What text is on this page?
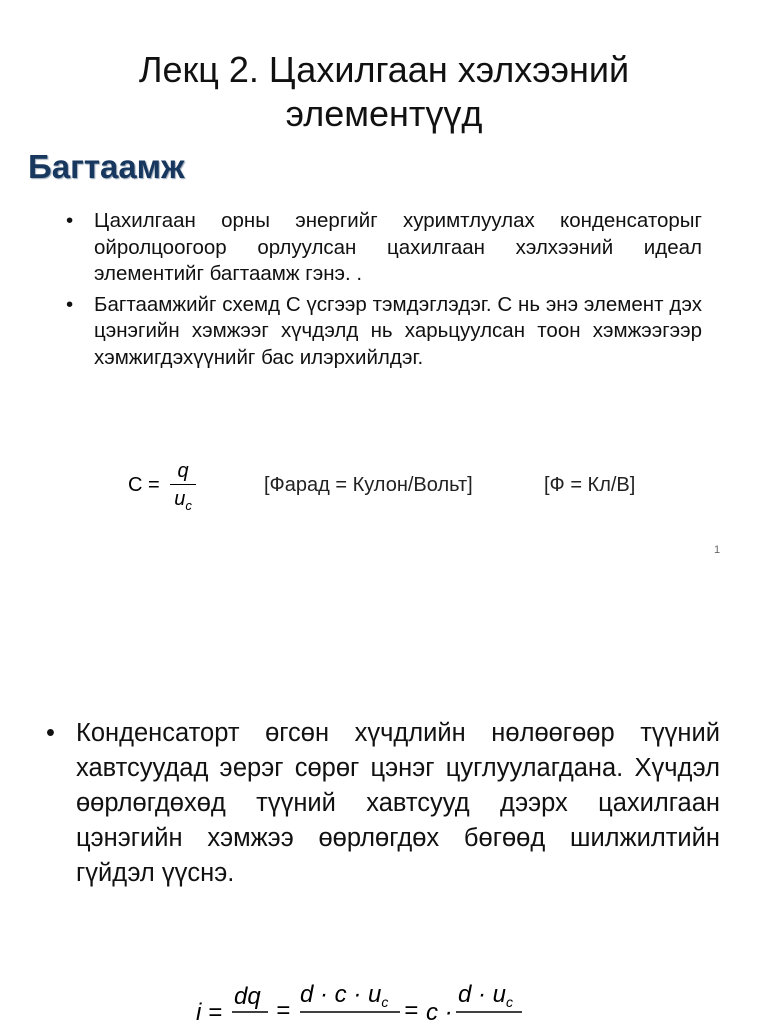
Лекц 2. Цахилгаан хэлхээний
элементүүд
Багтаамж
• Цахилгаан орны энергийг хуримтлуулах конденсаторыг ойролцоогоор орлуулсан цахилгаан хэлхээний идеал элементийг багтаамж гэнэ. .
• Багтаамжийг схемд С үсгээр тэмдэглэдэг. С нь энэ элемент дэх цэнэгийн хэмжээг хүчдэлд нь харьцуулсан тоон хэмжээгээр хэмжигдэхүүнийг бас илэрхийлдэг.
C =
q
$u_c$
[Фарад = Кулон/Вольт]	[Ф = Кл/В]
1
• Конденсаторт өгсөн хүчдлийн нөлөөгөөр түүний хавтсуудад эерэг сөрөг цэнэг цуглуулагдана. Хүчдэл өөрлөгдөхөд түүний хавтсууд дээрх цахилгаан цэнэгийн хэмжээ өөрлөгдөх бөгөөд шилжилтийн гүйдэл үүснэ.
i =
dq
=
$d \cdot c \cdot u_c = c$ ·
$d \cdot u_c$
